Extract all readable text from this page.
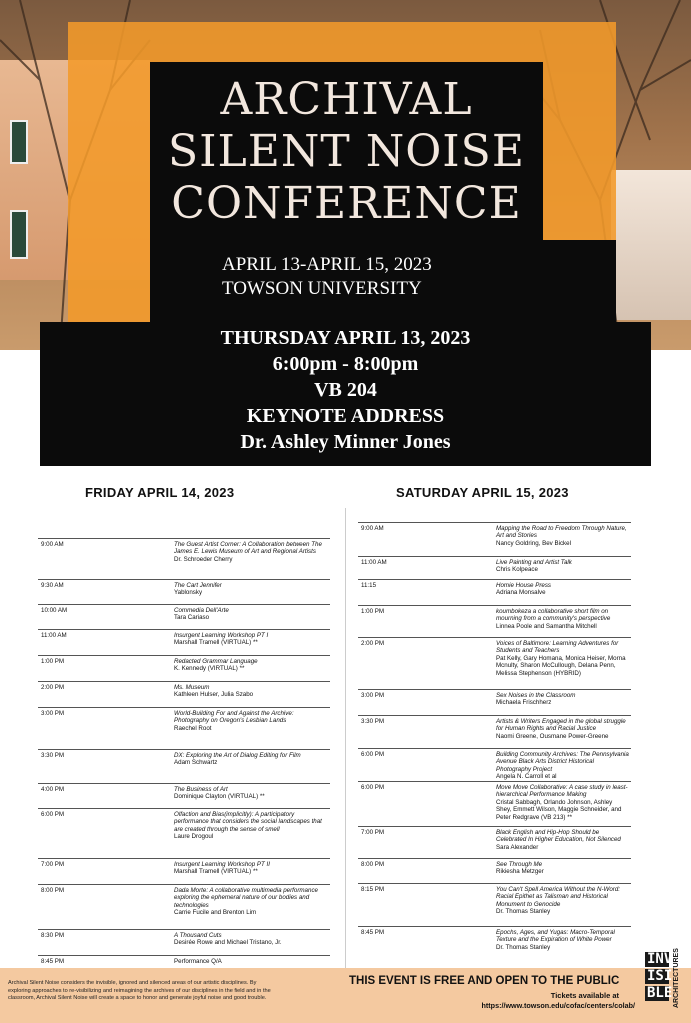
ARCHIVAL
SILENT NOISE
CONFERENCE
APRIL 13-APRIL 15, 2023
TOWSON UNIVERSITY
THURSDAY APRIL 13, 2023
6:00pm - 8:00pm
VB 204
KEYNOTE ADDRESS
Dr. Ashley Minner Jones
FRIDAY APRIL 14, 2023	SATURDAY APRIL 15, 2023
9:00 AM	The Guest Artist Corner: A Collaboration between The James E. Lewis Museum of Art and Regional Artists
Dr. Schroeder Cherry
9:30 AM	The Cart Jennifer
Yablonsky
10:00 AM	Commedia Dell'Arte
Tara Cariaso
11:00 AM	Insurgent Learning Workshop PT I
Marshall Tramell (VIRTUAL) **
1:00 PM	Redacted Grammar Language
K. Kennedy (VIRTUAL) **
2:00 PM	Ms. Museum
Kathleen Hulser, Julia Szabo
3:00 PM	World-Building For and Against the Archive: Photography on Oregon's Lesbian Lands
Raechel Root
3:30 PM	DX: Exploring the Art of Dialog Editing for Film
Adam Schwartz
4:00 PM	The Business of Art
Dominique Clayton (VIRTUAL) **
6:00 PM	Olfaction and Bias(implicitly): A participatory performance that considers the social landscapes that are created through the sense of smell
Laure Drogoul
7:00 PM	Insurgent Learning Workshop PT II
Marshall Tramell (VIRTUAL) **
8:00 PM	Dada Morte: A collaborative multimedia performance exploring the ephemeral nature of our bodies and technologies
Carrie Fucile and Brenton Lim
8:30 PM	A Thousand Cuts
Desirée Rowe and Michael Tristano, Jr.
8:45 PM	Performance Q/A
9:00 AM	Mapping the Road to Freedom Through Nature, Art and Stories
Nancy Goldring, Bev Bickel
11:00 AM	Live Painting and Artist Talk
Chris Kolpeace
11:15	Homie House Press
Adriana Monsalve
1:00 PM	koumbokeza a collaborative short film on mourning from a community's perspective
Linnea Poole and Samantha Mitchell
2:00 PM	Voices of Baltimore: Learning Adventures for Students and Teachers
Pat Kelly, Gary Homana, Monica Heiser, Morna Mcnulty, Sharon McCullough, Delana Penn, Melissa Stephenson (HYBRID)
3:00 PM	Sex Noises in the Classroom
Michaela Frischherz
3:30 PM	Artists & Writers Engaged in the global struggle for Human Rights and Racial Justice
Naomi Greene, Ousmane Power-Greene
6:00 PM	Building Community Archives: The Pennsylvania Avenue Black Arts District Historical Photography Project
Angela N. Carroll et al
6:00 PM	Move Move Collaborative: A case study in least-hierarchical Performance Making
Cristal Sabbagh, Orlando Johnson, Ashley Shey, Emmett Wilson, Maggie Schneider, and Peter Redgrave (VB 213) **
7:00 PM	Black English and Hip-Hop Should be Celebrated In Higher Education, Not Silenced
Sara Alexander
8:00 PM	See Through Me
Rikiesha Metzger
8:15 PM	You Can't Spell America Without the N-Word: Racial Epithet as Talisman and Historical Monument to Genocide
Dr. Thomas Stanley
8:45 PM	Epochs, Ages, and Yugas: Macro-Temporal Texture and the Expiration of White Power
Dr. Thomas Stanley
Archival Silent Noise considers the invisible, ignored and silenced areas of our artistic disciplines. By exploring approaches to re-visibilizing and reimagining the archives of our disciplines in the field and in the classroom, Archival Silent Noise will create a space to honor and generate joyful noise and good trouble.
THIS EVENT IS FREE AND OPEN TO THE PUBLIC
Tickets available at
https://www.towson.edu/cofac/centers/colab/
INV
ISI
BLE ARCHITECTURES
